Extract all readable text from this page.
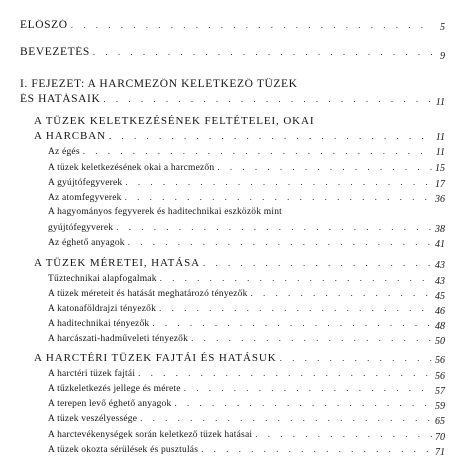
ELŐSZÓ . . .	5
BEVEZETÉS . . .	9
I. FEJEZET: A HARCMEZŐN KELETKEZŐ TÜZEK
ÉS HATÁSAIK . . .	11
A TÜZEK KELETKEZÉSÉNEK FELTÉTELEI, OKAI
A HARCBAN . . .	11
Az égés . . .	11
A tüzek keletkezésének okai a harcmezőn . . .	15
A gyújtófegyverek . . .	17
Az atomfegyverek . . .	36
A hagyományos fegyverek és haditechnikai eszközök mint
gyújtófegyverek . . .	38
Az éghető anyagok . . .	41
A TÜZEK MÉRETEI, HATÁSA . . .	43
Tűztechnikai alapfogalmak . . .	43
A tüzek méreteit és hatását meghatározó tényezők . . .	45
A katonaföldrajzi tényezők . . .	46
A haditechnikai tényezők . . .	48
A harcászati-hadműveleti tényezők . . .	50
A HARCTÉRI TÜZEK FAJTÁI ÉS HATÁSUK . . .	56
A harctéri tüzek fajtái . . .	56
A tűzkeletkezés jellege és mérete . . .	57
A terepen levő éghető anyagok . . .	59
A tüzek veszélyessége . . .	65
A harctevékenységek során keletkező tüzek hatásai . . .	70
A tüzek okozta sérülések és pusztulás . . .	71
